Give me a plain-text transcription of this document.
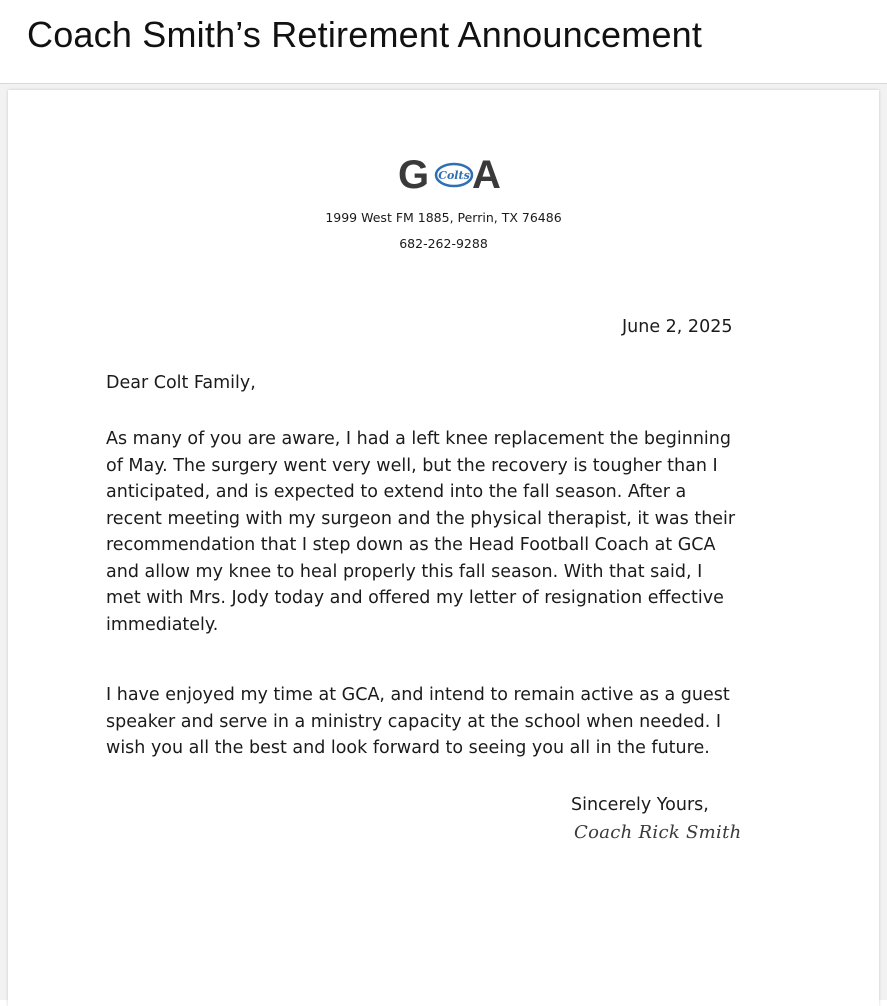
Coach Smith’s Retirement Announcement
G Colts A
1999 West FM 1885, Perrin, TX 76486
682-262-9288
June 2, 2025
Dear Colt Family,
As many of you are aware, I had a left knee replacement the beginning
of May. The surgery went very well, but the recovery is tougher than I
anticipated, and is expected to extend into the fall season. After a
recent meeting with my surgeon and the physical therapist, it was their
recommendation that I step down as the Head Football Coach at GCA
and allow my knee to heal properly this fall season. With that said, I
met with Mrs. Jody today and offered my letter of resignation effective
immediately.
I have enjoyed my time at GCA, and intend to remain active as a guest
speaker and serve in a ministry capacity at the school when needed. I
wish you all the best and look forward to seeing you all in the future.
Sincerely Yours,
Coach Rick Smith
